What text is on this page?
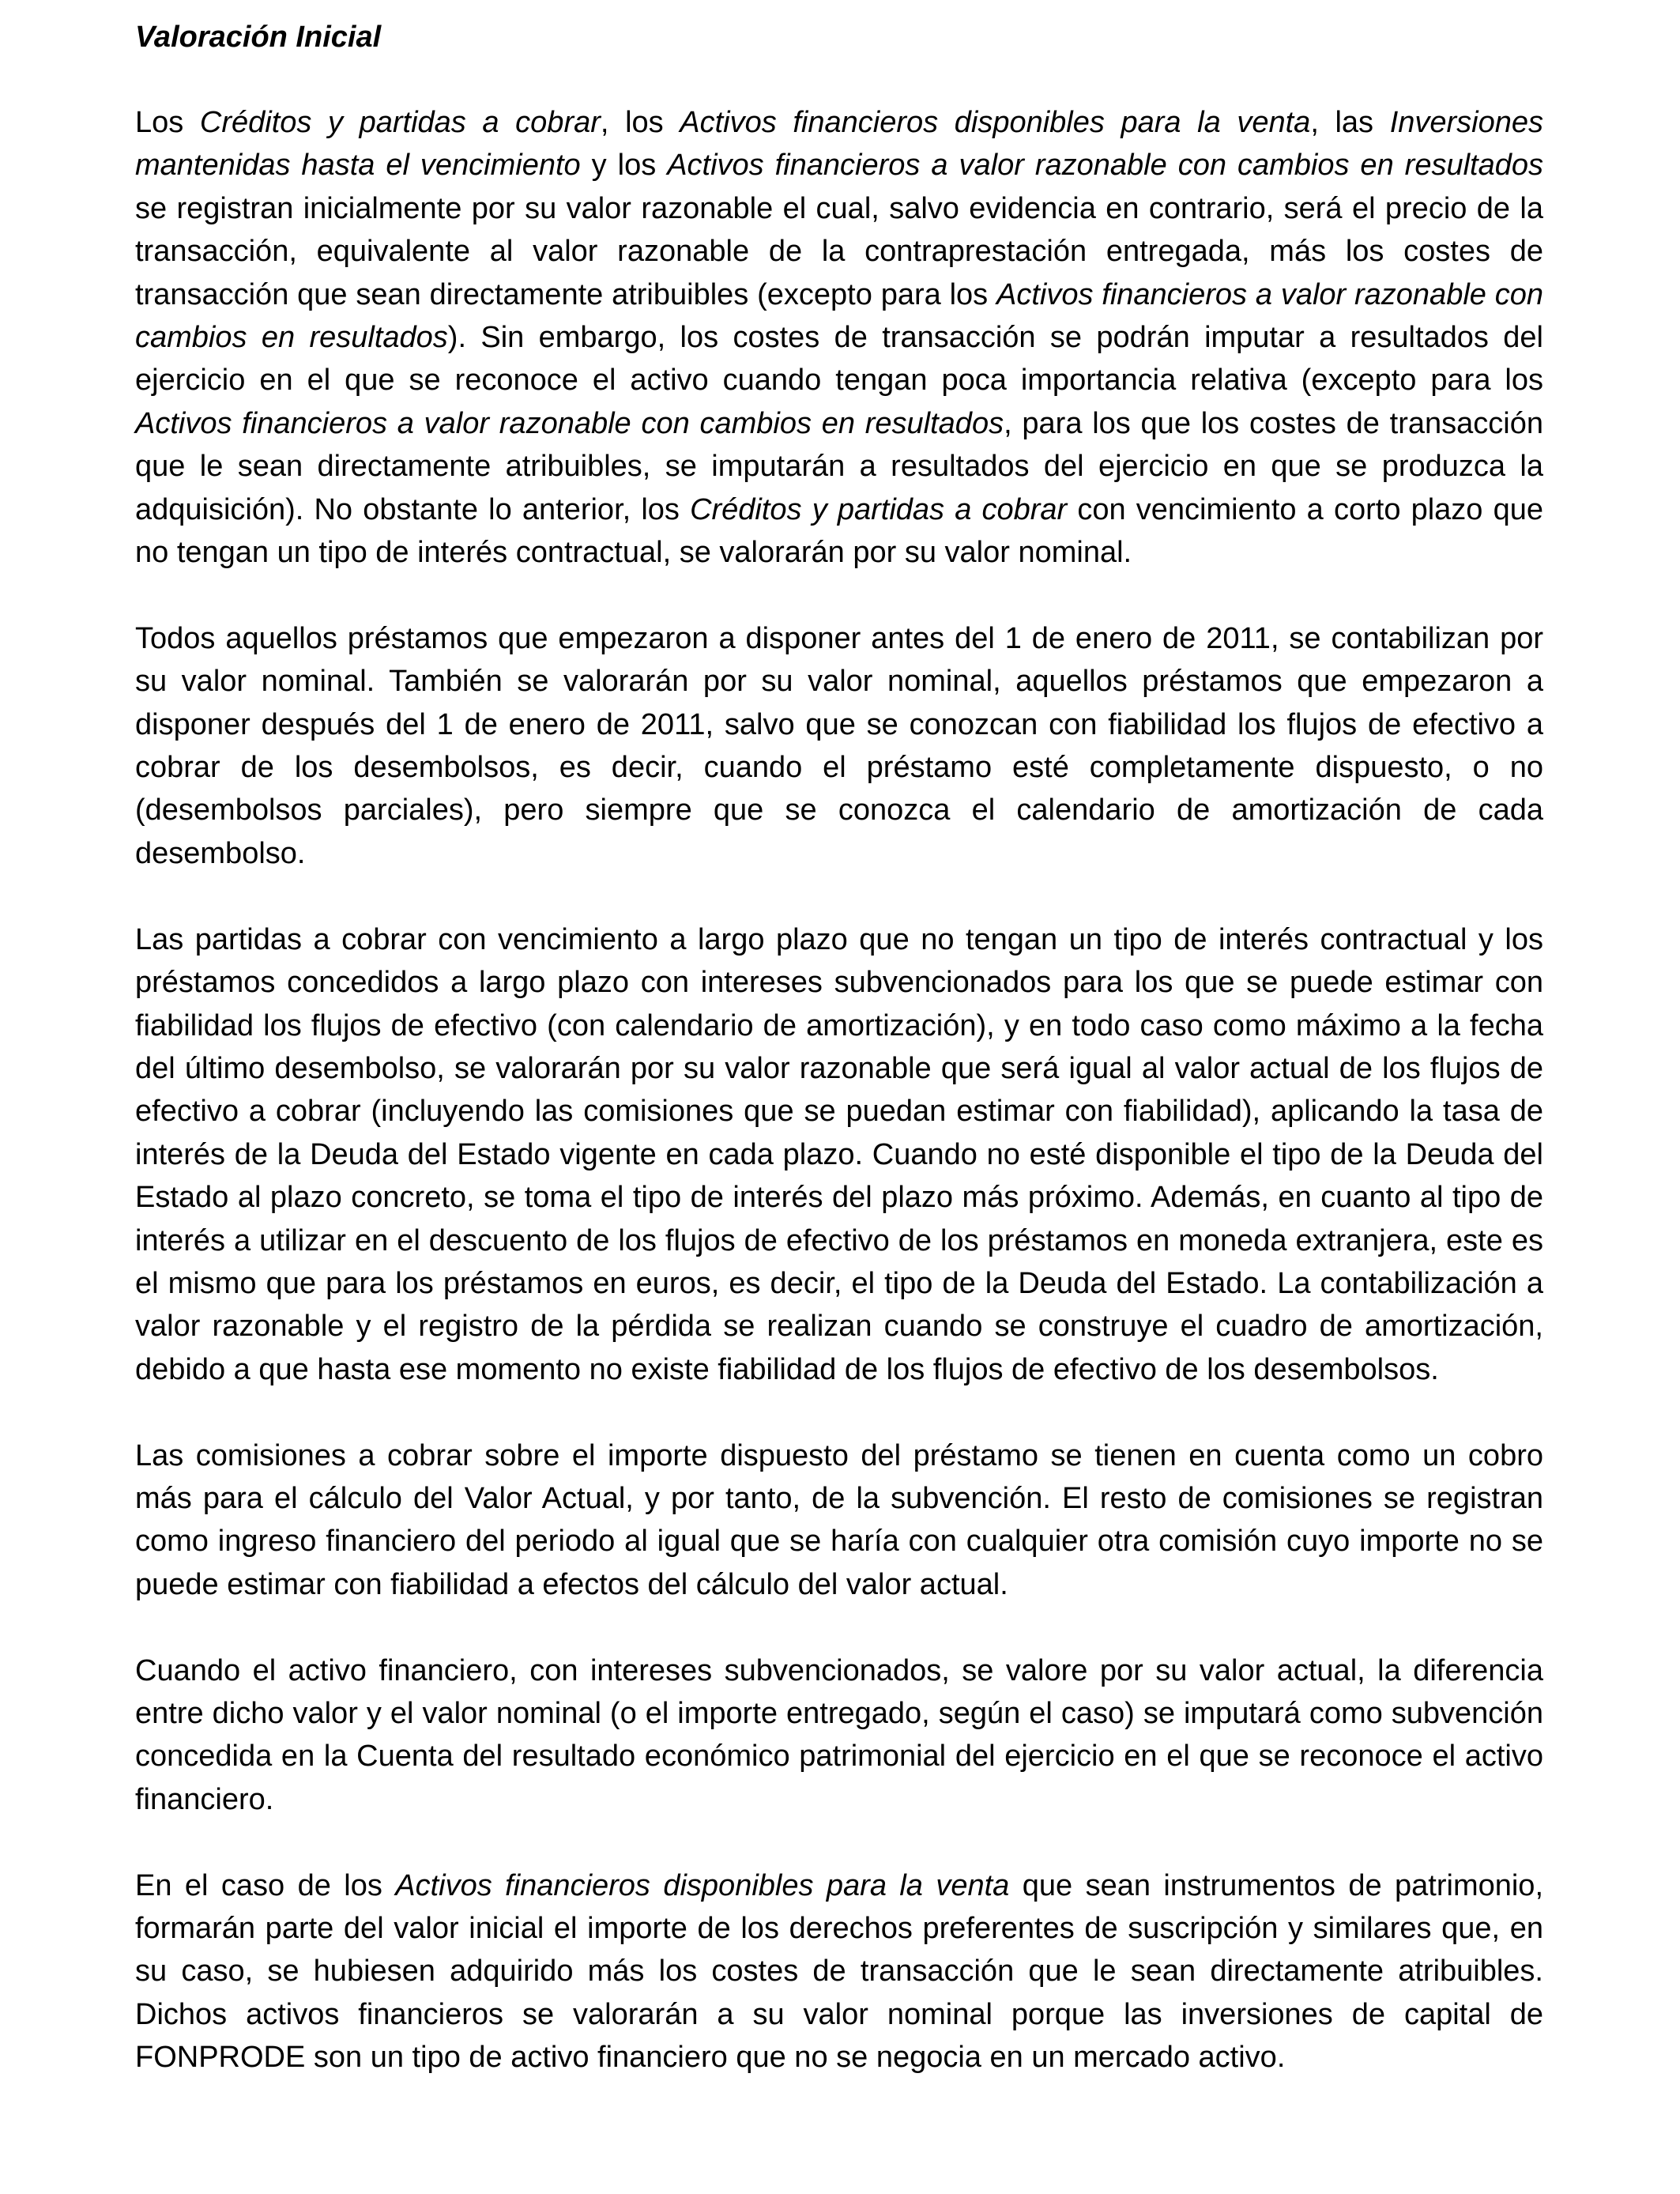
Valoración Inicial

Los Créditos y partidas a cobrar, los Activos financieros disponibles para la venta, las Inversiones mantenidas hasta el vencimiento y los Activos financieros a valor razonable con cambios en resultados se registran inicialmente por su valor razonable el cual, salvo evidencia en contrario, será el precio de la transacción, equivalente al valor razonable de la contraprestación entregada, más los costes de transacción que sean directamente atribuibles (excepto para los Activos financieros a valor razonable con cambios en resultados). Sin embargo, los costes de transacción se podrán imputar a resultados del ejercicio en el que se reconoce el activo cuando tengan poca importancia relativa (excepto para los Activos financieros a valor razonable con cambios en resultados, para los que los costes de transacción que le sean directamente atribuibles, se imputarán a resultados del ejercicio en que se produzca la adquisición). No obstante lo anterior, los Créditos y partidas a cobrar con vencimiento a corto plazo que no tengan un tipo de interés contractual, se valorarán por su valor nominal.

Todos aquellos préstamos que empezaron a disponer antes del 1 de enero de 2011, se contabilizan por su valor nominal. También se valorarán por su valor nominal, aquellos préstamos que empezaron a disponer después del 1 de enero de 2011, salvo que se conozcan con fiabilidad los flujos de efectivo a cobrar de los desembolsos, es decir, cuando el préstamo esté completamente dispuesto, o no (desembolsos parciales), pero siempre que se conozca el calendario de amortización de cada desembolso.

Las partidas a cobrar con vencimiento a largo plazo que no tengan un tipo de interés contractual y los préstamos concedidos a largo plazo con intereses subvencionados para los que se puede estimar con fiabilidad los flujos de efectivo (con calendario de amortización), y en todo caso como máximo a la fecha del último desembolso, se valorarán por su valor razonable que será igual al valor actual de los flujos de efectivo a cobrar (incluyendo las comisiones que se puedan estimar con fiabilidad), aplicando la tasa de interés de la Deuda del Estado vigente en cada plazo. Cuando no esté disponible el tipo de la Deuda del Estado al plazo concreto, se toma el tipo de interés del plazo más próximo. Además, en cuanto al tipo de interés a utilizar en el descuento de los flujos de efectivo de los préstamos en moneda extranjera, este es el mismo que para los préstamos en euros, es decir, el tipo de la Deuda del Estado. La contabilización a valor razonable y el registro de la pérdida se realizan cuando se construye el cuadro de amortización, debido a que hasta ese momento no existe fiabilidad de los flujos de efectivo de los desembolsos.

Las comisiones a cobrar sobre el importe dispuesto del préstamo se tienen en cuenta como un cobro más para el cálculo del Valor Actual, y por tanto, de la subvención. El resto de comisiones se registran como ingreso financiero del periodo al igual que se haría con cualquier otra comisión cuyo importe no se puede estimar con fiabilidad a efectos del cálculo del valor actual.

Cuando el activo financiero, con intereses subvencionados, se valore por su valor actual, la diferencia entre dicho valor y el valor nominal (o el importe entregado, según el caso) se imputará como subvención concedida en la Cuenta del resultado económico patrimonial del ejercicio en el que se reconoce el activo financiero.

En el caso de los Activos financieros disponibles para la venta que sean instrumentos de patrimonio, formarán parte del valor inicial el importe de los derechos preferentes de suscripción y similares que, en su caso, se hubiesen adquirido más los costes de transacción que le sean directamente atribuibles. Dichos activos financieros se valorarán a su valor nominal porque las inversiones de capital de FONPRODE son un tipo de activo financiero que no se negocia en un mercado activo.
